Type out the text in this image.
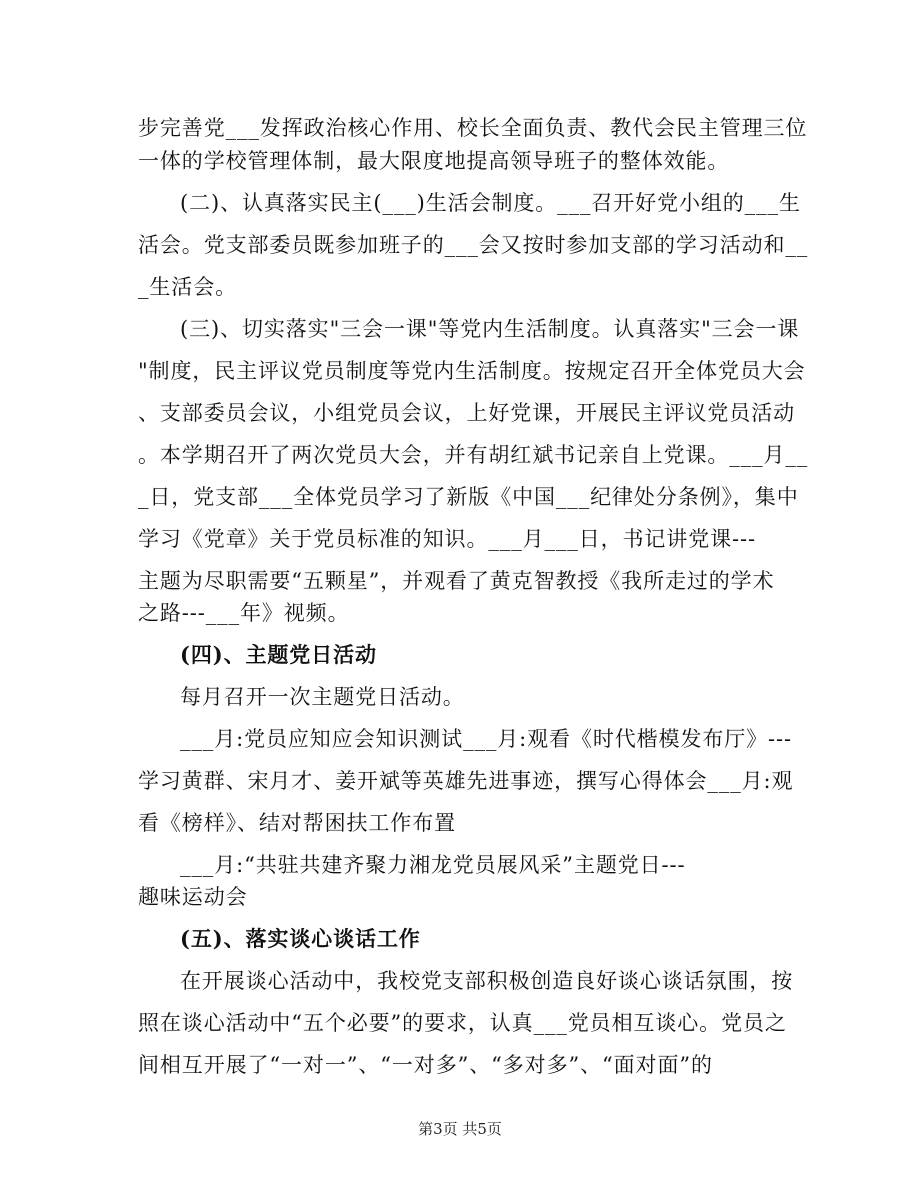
步完善党___发挥政治核心作用、校长全面负责、教代会民主管理三位
一体的学校管理体制，最大限度地提高领导班子的整体效能。
(二)、认真落实民主(___)生活会制度。___召开好党小组的___生
活会。党支部委员既参加班子的___会又按时参加支部的学习活动和__
_生活会。
(三)、切实落实"三会一课"等党内生活制度。认真落实"三会一课
"制度，民主评议党员制度等党内生活制度。按规定召开全体党员大会
、支部委员会议，小组党员会议，上好党课，开展民主评议党员活动
。本学期召开了两次党员大会，并有胡红斌书记亲自上党课。___月__
_日，党支部___全体党员学习了新版《中国___纪律处分条例》，集中
学习《党章》关于党员标准的知识。___月___日，书记讲党课---
主题为尽职需要“五颗星”，并观看了黄克智教授《我所走过的学术
之路---___年》视频。
(四)、主题党日活动
每月召开一次主题党日活动。
___月:党员应知应会知识测试___月:观看《时代楷模发布厅》---
学习黄群、宋月才、姜开斌等英雄先进事迹，撰写心得体会___月:观
看《榜样》、结对帮困扶工作布置
___月:“共驻共建齐聚力湘龙党员展风采”主题党日---
趣味运动会
(五)、落实谈心谈话工作
在开展谈心活动中，我校党支部积极创造良好谈心谈话氛围，按
照在谈心活动中“五个必要”的要求，认真___党员相互谈心。党员之
间相互开展了“一对一”、“一对多”、“多对多”、“面对面”的
第3页 共5页
